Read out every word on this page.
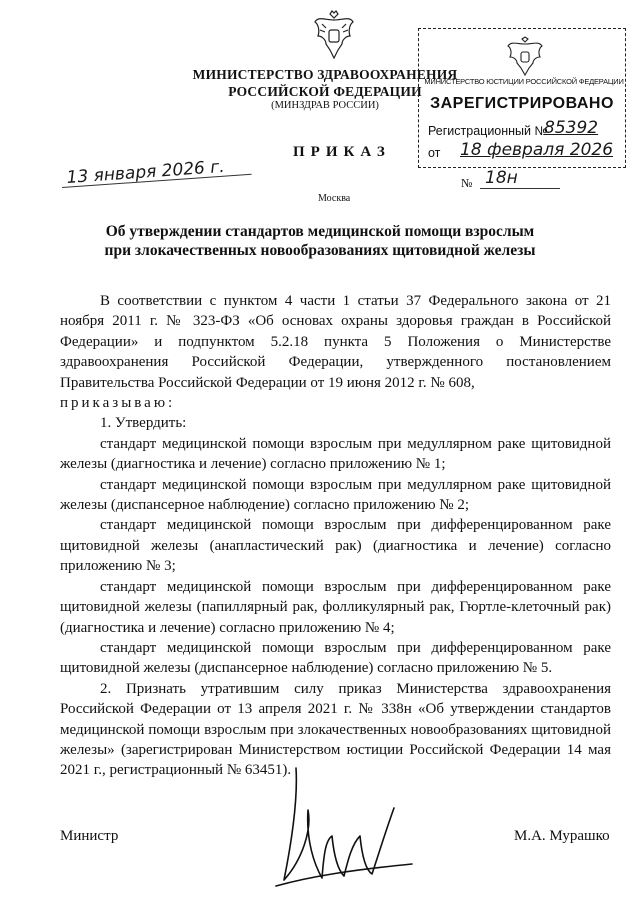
МИНИСТЕРСТВО ЗДРАВООХРАНЕНИЯ
РОССИЙСКОЙ ФЕДЕРАЦИИ
(МИНЗДРАВ РОССИИ)
МИНИСТЕРСТВО ЮСТИЦИИ РОССИЙСКОЙ ФЕДЕРАЦИИ
ЗАРЕГИСТРИРОВАНО
Регистрационный №
85392
от 18 февраля 2026
ПРИКАЗ
13 января 2026 г.	№ 18н
Москва
Об утверждении стандартов медицинской помощи взрослым
при злокачественных новообразованиях щитовидной железы

В соответствии с пунктом 4 части 1 статьи 37 Федерального закона от 21 ноября 2011 г. № 323-ФЗ «Об основах охраны здоровья граждан в Российской Федерации» и подпунктом 5.2.18 пункта 5 Положения о Министерстве здравоохранения Российской Федерации, утвержденного постановлением Правительства Российской Федерации от 19 июня 2012 г. № 608,

приказываю:

1. Утвердить:

стандарт медицинской помощи взрослым при медуллярном раке щитовидной железы (диагностика и лечение) согласно приложению № 1;

стандарт медицинской помощи взрослым при медуллярном раке щитовидной железы (диспансерное наблюдение) согласно приложению № 2;

стандарт медицинской помощи взрослым при дифференцированном раке щитовидной железы (анапластический рак) (диагностика и лечение) согласно приложению № 3;

стандарт медицинской помощи взрослым при дифференцированном раке щитовидной железы (папиллярный рак, фолликулярный рак, Гюртле-клеточный рак) (диагностика и лечение) согласно приложению № 4;

стандарт медицинской помощи взрослым при дифференцированном раке щитовидной железы (диспансерное наблюдение) согласно приложению № 5.

2. Признать утратившим силу приказ Министерства здравоохранения Российской Федерации от 13 апреля 2021 г. № 338н «Об утверждении стандартов медицинской помощи взрослым при злокачественных новообразованиях щитовидной железы» (зарегистрирован Министерством юстиции Российской Федерации 14 мая 2021 г., регистрационный № 63451).

Министр	М.А. Мурашко
